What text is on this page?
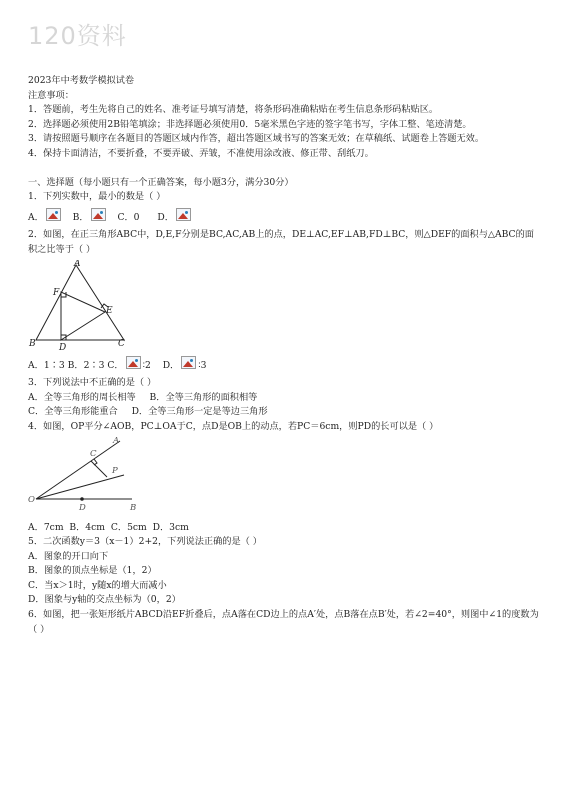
120资料
2023年中考数学模拟试卷
注意事项：
1．答题前，考生先将自己的姓名、准考证号填写清楚，将条形码准确粘贴在考生信息条形码粘贴区。
2．选择题必须使用2B铅笔填涂；非选择题必须使用0．5毫米黑色字迹的签字笔书写，字体工整、笔迹清楚。
3．请按照题号顺序在各题目的答题区域内作答，超出答题区域书写的答案无效；在草稿纸、试题卷上答题无效。
4．保持卡面清洁，不要折叠，不要弄破、弄皱，不准使用涂改液、修正带、刮纸刀。
一、选择题（每小题只有一个正确答案，每小题3分，满分30分）
1．下列实数中，最小的数是（ ）
A．	B．	C．0 D．
2．如图，在正三角形ABC中，D,E,F分别是BC,AC,AB上的点，DE⊥AC,EF⊥AB,FD⊥BC，则△DEF的面积与△ABC的面积之比等于（ ）
A
F
E
B	D	C
A．1∶3 B．2∶3 C． ∶2 D． ∶3
3．下列说法中不正确的是（ ）
A．全等三角形的周长相等 B．全等三角形的面积相等
C．全等三角形能重合 D．全等三角形一定是等边三角形
4．如图，OP平分∠AOB，PC⊥OA于C，点D是OB上的动点，若PC＝6cm，则PD的长可以是（ ）
A
C
P
O
D	B
A．7cm  B．4cm  C．5cm  D．3cm
5．二次函数y＝3（x－1）2+2，下列说法正确的是（ ）
A．图象的开口向下
B．图象的顶点坐标是（1，2）
C．当x＞1时，y随x的增大而减小
D．图象与y轴的交点坐标为（0，2）
6．如图，把一张矩形纸片ABCD沿EF折叠后，点A落在CD边上的点A′处，点B落在点B′处，若∠2=40°，则图中∠1的度数为（ ）
